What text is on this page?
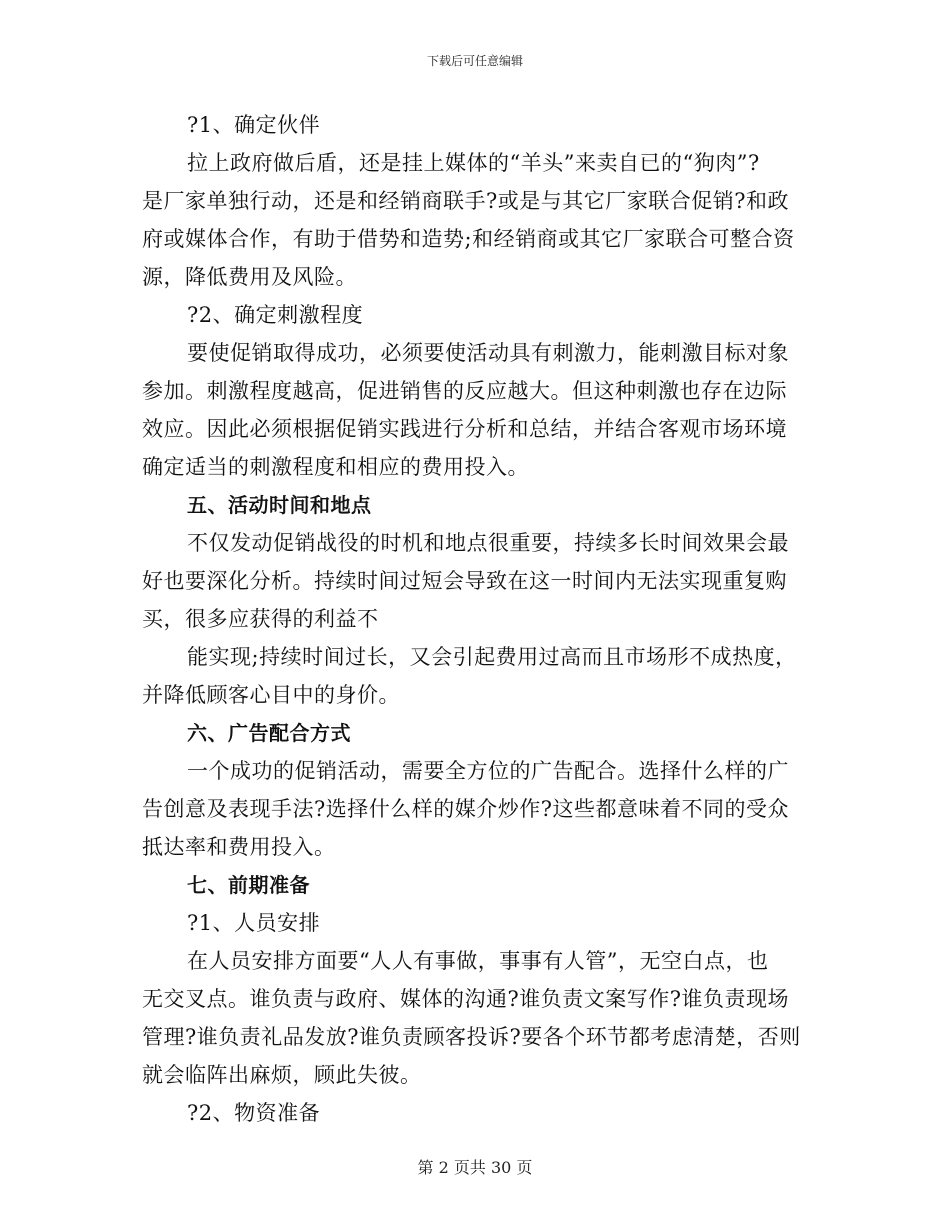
下载后可任意编辑
?1、确定伙伴
拉上政府做后盾，还是挂上媒体的“羊头”来卖自已的“狗肉”?
是厂家单独行动，还是和经销商联手?或是与其它厂家联合促销?和政
府或媒体合作，有助于借势和造势;和经销商或其它厂家联合可整合资
源，降低费用及风险。
?2、确定刺激程度
要使促销取得成功，必须要使活动具有刺激力，能刺激目标对象
参加。刺激程度越高，促进销售的反应越大。但这种刺激也存在边际
效应。因此必须根据促销实践进行分析和总结，并结合客观市场环境
确定适当的刺激程度和相应的费用投入。
五、活动时间和地点
不仅发动促销战役的时机和地点很重要，持续多长时间效果会最
好也要深化分析。持续时间过短会导致在这一时间内无法实现重复购
买，很多应获得的利益不
能实现;持续时间过长，又会引起费用过高而且市场形不成热度，
并降低顾客心目中的身价。
六、广告配合方式
一个成功的促销活动，需要全方位的广告配合。选择什么样的广
告创意及表现手法?选择什么样的媒介炒作?这些都意味着不同的受众
抵达率和费用投入。
七、前期准备
?1、人员安排
在人员安排方面要“人人有事做，事事有人管”，无空白点，也
无交叉点。谁负责与政府、媒体的沟通?谁负责文案写作?谁负责现场
管理?谁负责礼品发放?谁负责顾客投诉?要各个环节都考虑清楚，否则
就会临阵出麻烦，顾此失彼。
?2、物资准备
第 2 页共 30 页
